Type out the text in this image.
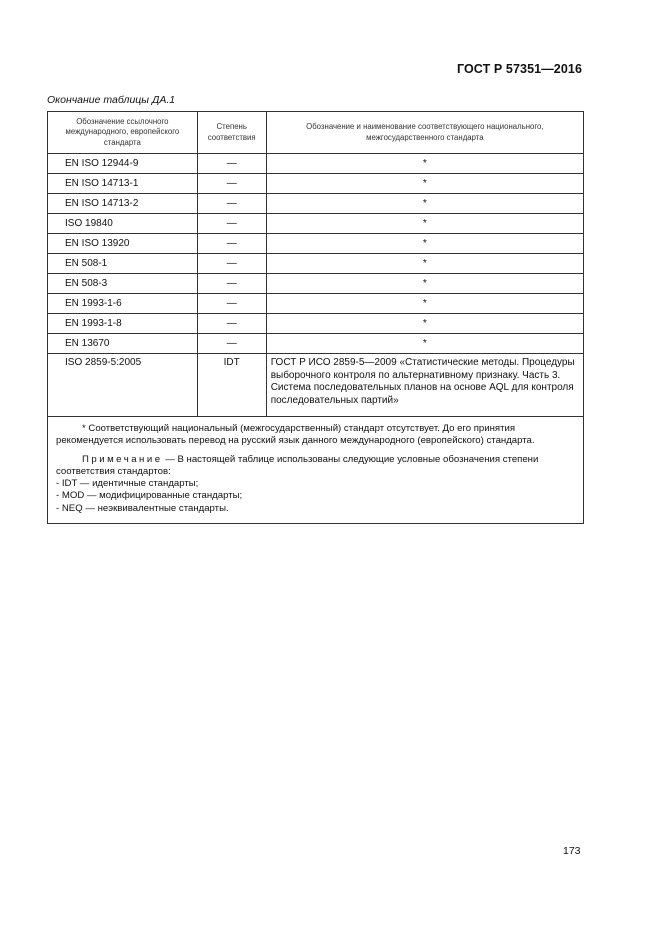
ГОСТ Р 57351—2016
Окончание таблицы ДА.1
Обозначение ссылочного международного, европейского стандарта	Степень соответствия	Обозначение и наименование соответствующего национального, межгосударственного стандарта
EN ISO 12944-9	—	*
EN ISO 14713-1	—	*
EN ISO 14713-2	—	*
ISO 19840	—	*
EN ISO 13920	—	*
EN 508-1	—	*
EN 508-3	—	*
EN 1993-1-6	—	*
EN 1993-1-8	—	*
EN 13670	—	*
ISO 2859-5:2005	IDT	ГОСТ Р ИСО 2859-5—2009 «Статистические методы. Процедуры выборочного контроля по альтернативному признаку. Часть 3. Система последовательных планов на основе AQL для контроля последовательных партий»

* Соответствующий национальный (межгосударственный) стандарт отсутствует. До его принятия рекомендуется использовать перевод на русский язык данного международного (европейского) стандарта.

Примечание — В настоящей таблице использованы следующие условные обозначения степени соответствия стандартов:

- IDT — идентичные стандарты;

- MOD — модифицированные стандарты;

- NEQ — неэквивалентные стандарты.		

173
